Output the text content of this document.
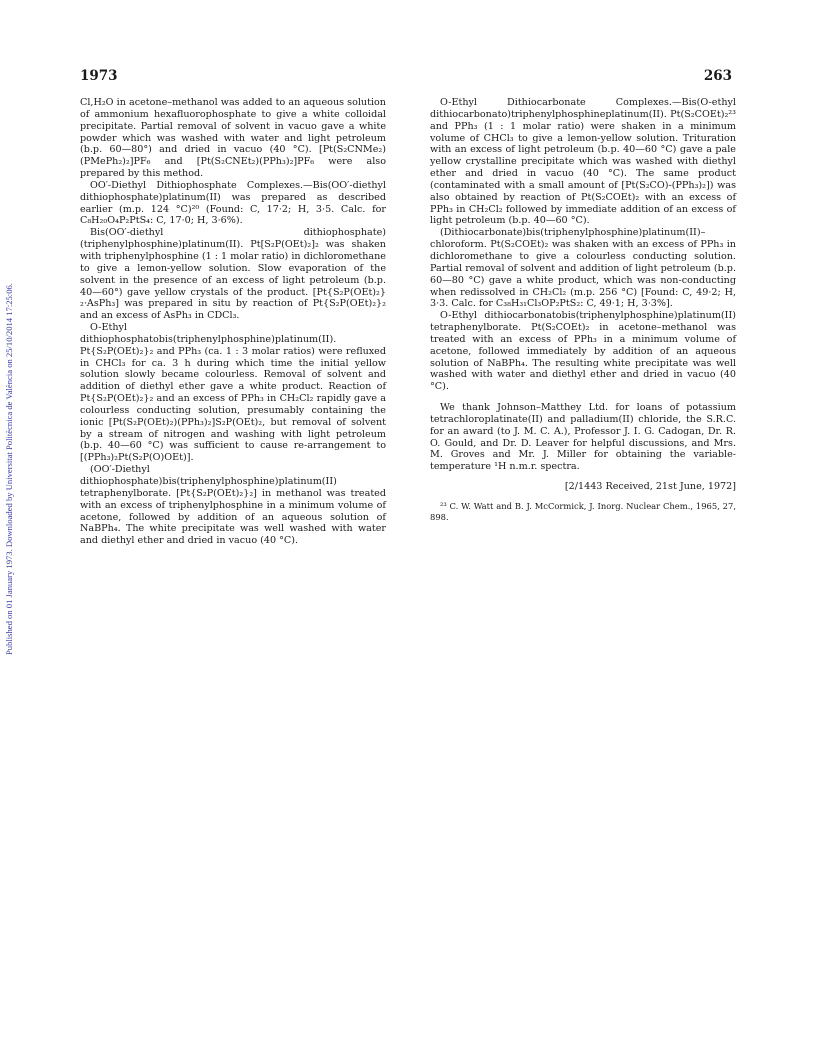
1973	263
Published on 01 January 1973. Downloaded by Universitat Politècnica de València on 25/10/2014 17:25:06.

Cl,H₂O in acetone–methanol was added to an aqueous solution of ammonium hexafluorophosphate to give a white colloidal precipitate. Partial removal of solvent in vacuo gave a white powder which was washed with water and light petroleum (b.p. 60—80°) and dried in vacuo (40 °C). [Pt(S₂CNMe₂)(PMePh₂)₂]PF₆ and [Pt(S₂CNEt₂)(PPh₃)₂]PF₆ were also prepared by this method.

OO′-Diethyl Dithiophosphate Complexes.—Bis(OO′-diethyl dithiophosphate)platinum(II) was prepared as described earlier (m.p. 124 °C)²⁰ (Found: C, 17·2; H, 3·5. Calc. for C₈H₂₀O₄P₂PtS₄: C, 17·0; H, 3·6%).

Bis(OO′-diethyl dithiophosphate)(triphenylphosphine)platinum(II). Pt[S₂P(OEt)₂]₂ was shaken with triphenylphosphine (1 : 1 molar ratio) in dichloromethane to give a lemon-yellow solution. Slow evaporation of the solvent in the presence of an excess of light petroleum (b.p. 40—60°) gave yellow crystals of the product. [Pt{S₂P(OEt)₂}₂·AsPh₃] was prepared in situ by reaction of Pt{S₂P(OEt)₂}₂ and an excess of AsPh₃ in CDCl₃.

O-Ethyl dithiophosphatobis(triphenylphosphine)platinum(II). Pt{S₂P(OEt)₂}₂ and PPh₃ (ca. 1 : 3 molar ratios) were refluxed in CHCl₃ for ca. 3 h during which time the initial yellow solution slowly became colourless. Removal of solvent and addition of diethyl ether gave a white product. Reaction of Pt{S₂P(OEt)₂}₂ and an excess of PPh₃ in CH₂Cl₂ rapidly gave a colourless conducting solution, presumably containing the ionic [Pt(S₂P(OEt)₂)(PPh₃)₂]S₂P(OEt)₂, but removal of solvent by a stream of nitrogen and washing with light petroleum (b.p. 40—60 °C) was sufficient to cause re-arrangement to [(PPh₃)₂Pt(S₂P(O)OEt)].

(OO′-Diethyl dithiophosphate)bis(triphenylphosphine)platinum(II) tetraphenylborate. [Pt{S₂P(OEt)₂}₂] in methanol was treated with an excess of triphenylphosphine in a minimum volume of acetone, followed by addition of an aqueous solution of NaBPh₄. The white precipitate was well washed with water and diethyl ether and dried in vacuo (40 °C).

O-Ethyl Dithiocarbonate Complexes.—Bis(O-ethyl dithiocarbonato)triphenylphosphineplatinum(II). Pt(S₂COEt)₂²³ and PPh₃ (1 : 1 molar ratio) were shaken in a minimum volume of CHCl₃ to give a lemon-yellow solution. Trituration with an excess of light petroleum (b.p. 40—60 °C) gave a pale yellow crystalline precipitate which was washed with diethyl ether and dried in vacuo (40 °C). The same product (contaminated with a small amount of [Pt(S₂CO)-(PPh₃)₂]) was also obtained by reaction of Pt(S₂COEt)₂ with an excess of PPh₃ in CH₂Cl₂ followed by immediate addition of an excess of light petroleum (b.p. 40—60 °C).

(Dithiocarbonate)bis(triphenylphosphine)platinum(II)–chloroform. Pt(S₂COEt)₂ was shaken with an excess of PPh₃ in dichloromethane to give a colourless conducting solution. Partial removal of solvent and addition of light petroleum (b.p. 60—80 °C) gave a white product, which was non-conducting when redissolved in CH₂Cl₂ (m.p. 256 °C) [Found: C, 49·2; H, 3·3. Calc. for C₃₈H₃₁Cl₃OP₂PtS₂: C, 49·1; H, 3·3%].

O-Ethyl dithiocarbonatobis(triphenylphosphine)platinum(II) tetraphenylborate. Pt(S₂COEt)₂ in acetone–methanol was treated with an excess of PPh₃ in a minimum volume of acetone, followed immediately by addition of an aqueous solution of NaBPh₄. The resulting white precipitate was well washed with water and diethyl ether and dried in vacuo (40 °C).

We thank Johnson–Matthey Ltd. for loans of potassium tetrachloroplatinate(II) and palladium(II) chloride, the S.R.C. for an award (to J. M. C. A.), Professor J. I. G. Cadogan, Dr. R. O. Gould, and Dr. D. Leaver for helpful discussions, and Mrs. M. Groves and Mr. J. Miller for obtaining the variable-temperature ¹H n.m.r. spectra.

[2/1443 Received, 21st June, 1972]

²³ C. W. Watt and B. J. McCormick, J. Inorg. Nuclear Chem., 1965, 27, 898.
